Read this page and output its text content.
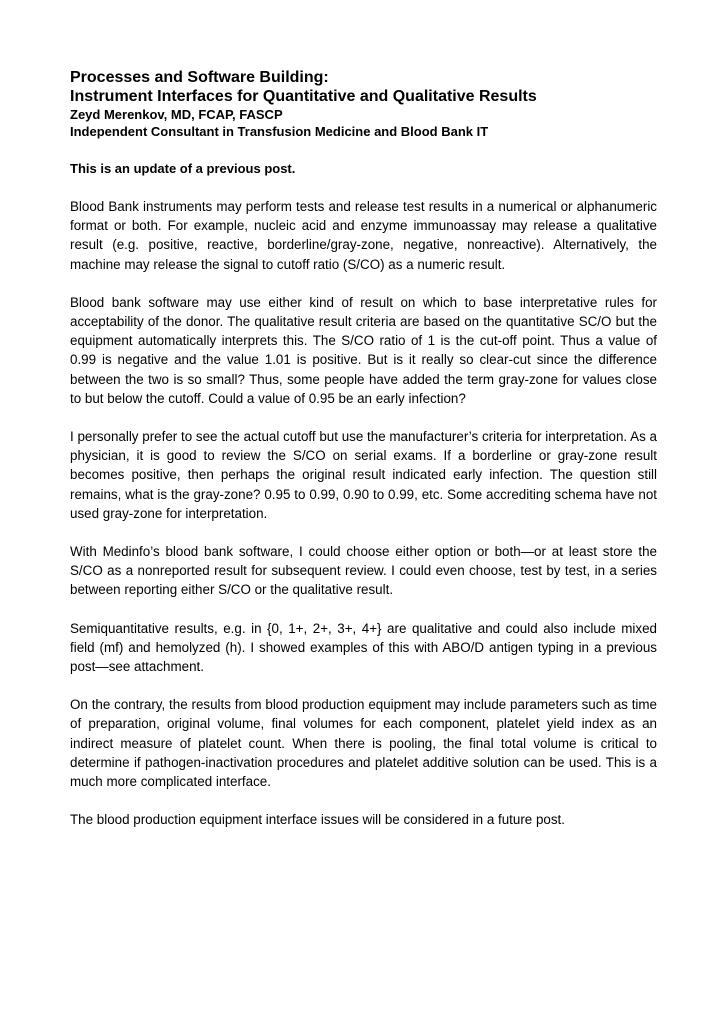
Processes and Software Building:
Instrument Interfaces for Quantitative and Qualitative Results

Zeyd Merenkov, MD, FCAP, FASCP

Independent Consultant in Transfusion Medicine and Blood Bank IT

This is an update of a previous post.

Blood Bank instruments may perform tests and release test results in a numerical or alphanumeric format or both. For example, nucleic acid and enzyme immunoassay may release a qualitative result (e.g. positive, reactive, borderline/gray-zone, negative, nonreactive). Alternatively, the machine may release the signal to cutoff ratio (S/CO) as a numeric result.

Blood bank software may use either kind of result on which to base interpretative rules for acceptability of the donor. The qualitative result criteria are based on the quantitative SC/O but the equipment automatically interprets this. The S/CO ratio of 1 is the cut-off point. Thus a value of 0.99 is negative and the value 1.01 is positive. But is it really so clear-cut since the difference between the two is so small? Thus, some people have added the term gray-zone for values close to but below the cutoff. Could a value of 0.95 be an early infection?

I personally prefer to see the actual cutoff but use the manufacturer’s criteria for interpretation. As a physician, it is good to review the S/CO on serial exams. If a borderline or gray-zone result becomes positive, then perhaps the original result indicated early infection. The question still remains, what is the gray-zone? 0.95 to 0.99, 0.90 to 0.99, etc. Some accrediting schema have not used gray-zone for interpretation.

With Medinfo’s blood bank software, I could choose either option or both—or at least store the S/CO as a nonreported result for subsequent review. I could even choose, test by test, in a series between reporting either S/CO or the qualitative result.

Semiquantitative results, e.g. in {0, 1+, 2+, 3+, 4+} are qualitative and could also include mixed field (mf) and hemolyzed (h). I showed examples of this with ABO/D antigen typing in a previous post—see attachment.

On the contrary, the results from blood production equipment may include parameters such as time of preparation, original volume, final volumes for each component, platelet yield index as an indirect measure of platelet count. When there is pooling, the final total volume is critical to determine if pathogen-inactivation procedures and platelet additive solution can be used. This is a much more complicated interface.

The blood production equipment interface issues will be considered in a future post.
